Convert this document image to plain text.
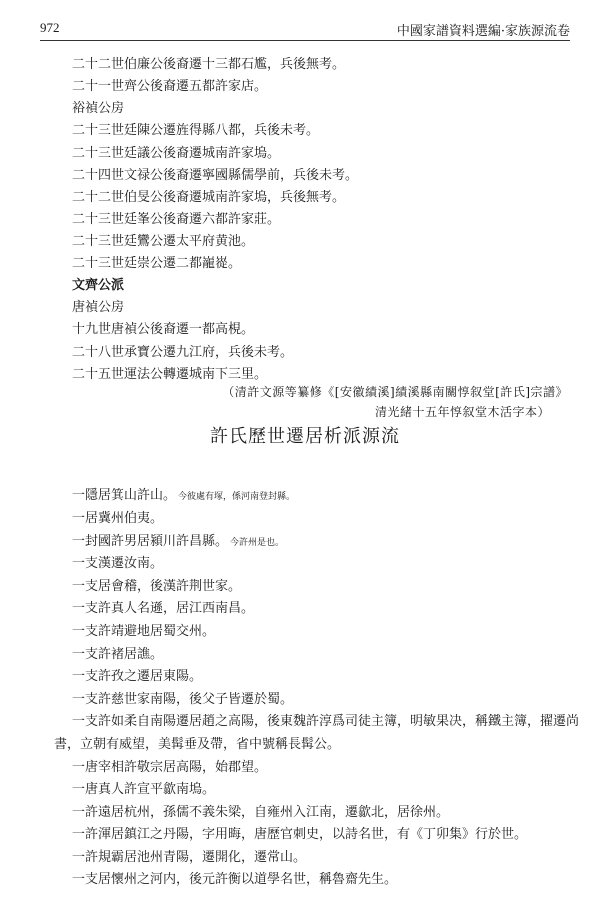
972	中國家譜資料選編·家族源流卷
二十二世伯廉公後裔遷十三都石尷，兵後無考。
二十一世齊公後裔遷五都許家店。
裕禎公房
二十三世廷陳公遷旌得縣八都，兵後未考。
二十三世廷議公後裔遷城南許家塢。
二十四世文禄公後裔遷寧國縣儒學前，兵後未考。
二十二世伯旻公後裔遷城南許家塢，兵後無考。
二十三世廷峯公後裔遷六都許家莊。
二十三世廷鸞公遷太平府黄池。
二十三世廷崇公遷二都巃嵸。
文齊公派
唐禎公房
十九世唐禎公後裔遷一都高梘。
二十八世承寶公遷九江府，兵後未考。
二十五世運法公轉遷城南下三里。
（清許文源等纂修《[安徽績溪]績溪縣南關惇叙堂[許氏]宗譜》
清光緒十五年惇叙堂木活字本）
許氏歷世遷居析派源流
一隱居箕山許山。 今彼處有塚，係河南登封縣。
一居冀州伯夷。
一封國許男居潁川許昌縣。 今許州是也。
一支漢遷汝南。
一支居會稽，後漢許荆世家。
一支許真人名遜，居江西南昌。
一支許靖避地居蜀交州。
一支許褚居譙。
一支許孜之遷居東陽。
一支許慈世家南陽，後父子皆遷於蜀。
一支許如柔自南陽遷居趙之高陽，後東魏許淳爲司徒主簿，明敏果决，稱鐵主簿，擢遷尚
書，立朝有威望，美髯垂及帶，省中號稱長髯公。
一唐宰相許敬宗居高陽，始郡望。
一唐真人許宣平歙南塢。
一許遠居杭州，孫儒不義朱梁，自雍州入江南，遷歙北，居徐州。
一許渾居鎮江之丹陽，字用晦，唐歷官刺史，以詩名世，有《丁卯集》行於世。
一許規霸居池州青陽，遷開化，遷常山。
一支居懷州之河内，後元許衡以道學名世，稱魯齋先生。
